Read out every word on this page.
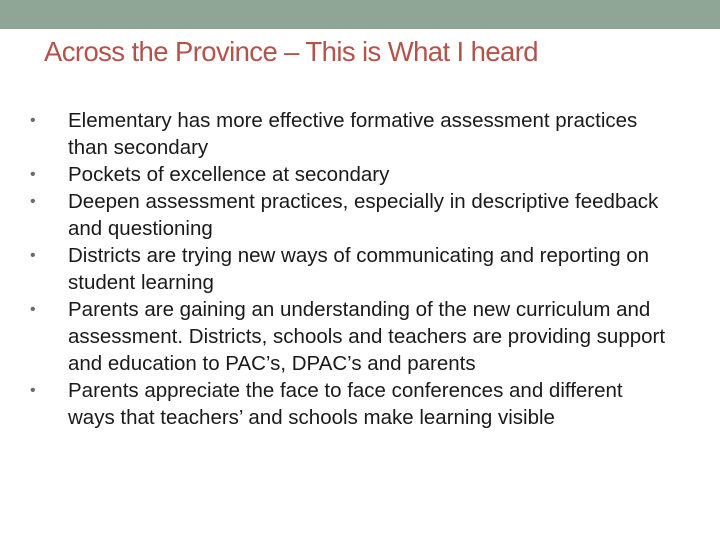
Across the Province – This is What I heard
•	Elementary has more effective formative assessment practices than secondary
•	Pockets of excellence at secondary
•	Deepen assessment practices, especially in descriptive feedback and questioning
•	Districts are trying new ways of communicating and reporting on student learning
•	Parents are gaining an understanding of the new curriculum and assessment. Districts, schools and teachers are providing support and education to PAC’s, DPAC’s and parents
•	Parents appreciate the face to face conferences and different ways that teachers’ and schools make learning visible
